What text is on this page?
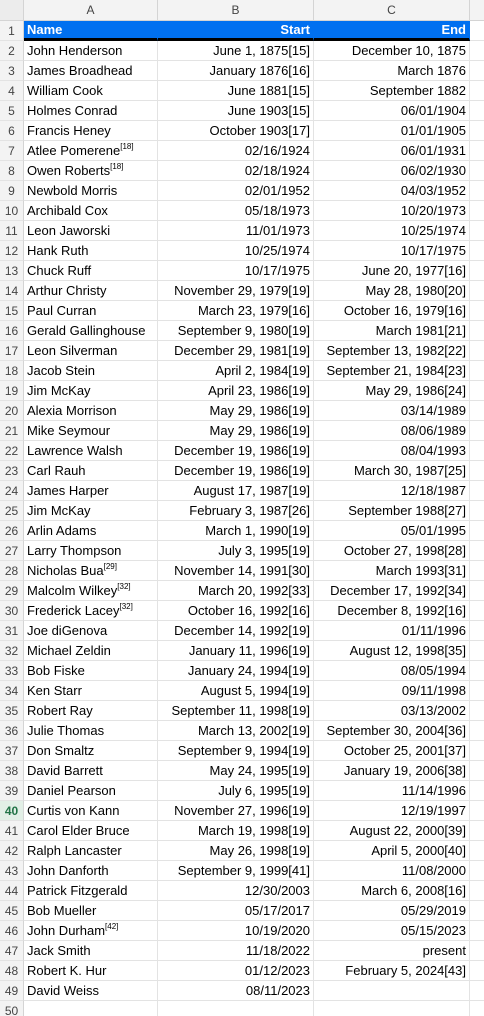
A	B	C
1 Name	Start	End
2 John Henderson	June 1, 1875[15]	December 10, 1875
3 James Broadhead	January 1876[16]	March 1876
4 William Cook	June 1881[15]	September 1882
5 Holmes Conrad	June 1903[15]	06/01/1904
6 Francis Heney	October 1903[17]	01/01/1905
7 Atlee Pomerene[18]	02/16/1924	06/01/1931
8 Owen Roberts[18]	02/18/1924	06/02/1930
9 Newbold Morris	02/01/1952	04/03/1952
10 Archibald Cox	05/18/1973	10/20/1973
11 Leon Jaworski	11/01/1973	10/25/1974
12 Hank Ruth	10/25/1974	10/17/1975
13 Chuck Ruff	10/17/1975	June 20, 1977[16]
14 Arthur Christy	November 29, 1979[19]	May 28, 1980[20]
15 Paul Curran	March 23, 1979[16]	October 16, 1979[16]
16 Gerald Gallinghouse	September 9, 1980[19]	March 1981[21]
17 Leon Silverman	December 29, 1981[19]	September 13, 1982[22]
18 Jacob Stein	April 2, 1984[19]	September 21, 1984[23]
19 Jim McKay	April 23, 1986[19]	May 29, 1986[24]
20 Alexia Morrison	May 29, 1986[19]	03/14/1989
21 Mike Seymour	May 29, 1986[19]	08/06/1989
22 Lawrence Walsh	December 19, 1986[19]	08/04/1993
23 Carl Rauh	December 19, 1986[19]	March 30, 1987[25]
24 James Harper	August 17, 1987[19]	12/18/1987
25 Jim McKay	February 3, 1987[26]	September 1988[27]
26 Arlin Adams	March 1, 1990[19]	05/01/1995
27 Larry Thompson	July 3, 1995[19]	October 27, 1998[28]
28 Nicholas Bua[29]	November 14, 1991[30]	March 1993[31]
29 Malcolm Wilkey[32]	March 20, 1992[33]	December 17, 1992[34]
30 Frederick Lacey[32]	October 16, 1992[16]	December 8, 1992[16]
31 Joe diGenova	December 14, 1992[19]	01/11/1996
32 Michael Zeldin	January 11, 1996[19]	August 12, 1998[35]
33 Bob Fiske	January 24, 1994[19]	08/05/1994
34 Ken Starr	August 5, 1994[19]	09/11/1998
35 Robert Ray	September 11, 1998[19]	03/13/2002
36 Julie Thomas	March 13, 2002[19]	September 30, 2004[36]
37 Don Smaltz	September 9, 1994[19]	October 25, 2001[37]
38 David Barrett	May 24, 1995[19]	January 19, 2006[38]
39 Daniel Pearson	July 6, 1995[19]	11/14/1996
40 Curtis von Kann	November 27, 1996[19]	12/19/1997
41 Carol Elder Bruce	March 19, 1998[19]	August 22, 2000[39]
42 Ralph Lancaster	May 26, 1998[19]	April 5, 2000[40]
43 John Danforth	September 9, 1999[41]	11/08/2000
44 Patrick Fitzgerald	12/30/2003	March 6, 2008[16]
45 Bob Mueller	05/17/2017	05/29/2019
46 John Durham[42]	10/19/2020	05/15/2023
47 Jack Smith	11/18/2022	present
48 Robert K. Hur	01/12/2023	February 5, 2024[43]
49 David Weiss	08/11/2023
50
